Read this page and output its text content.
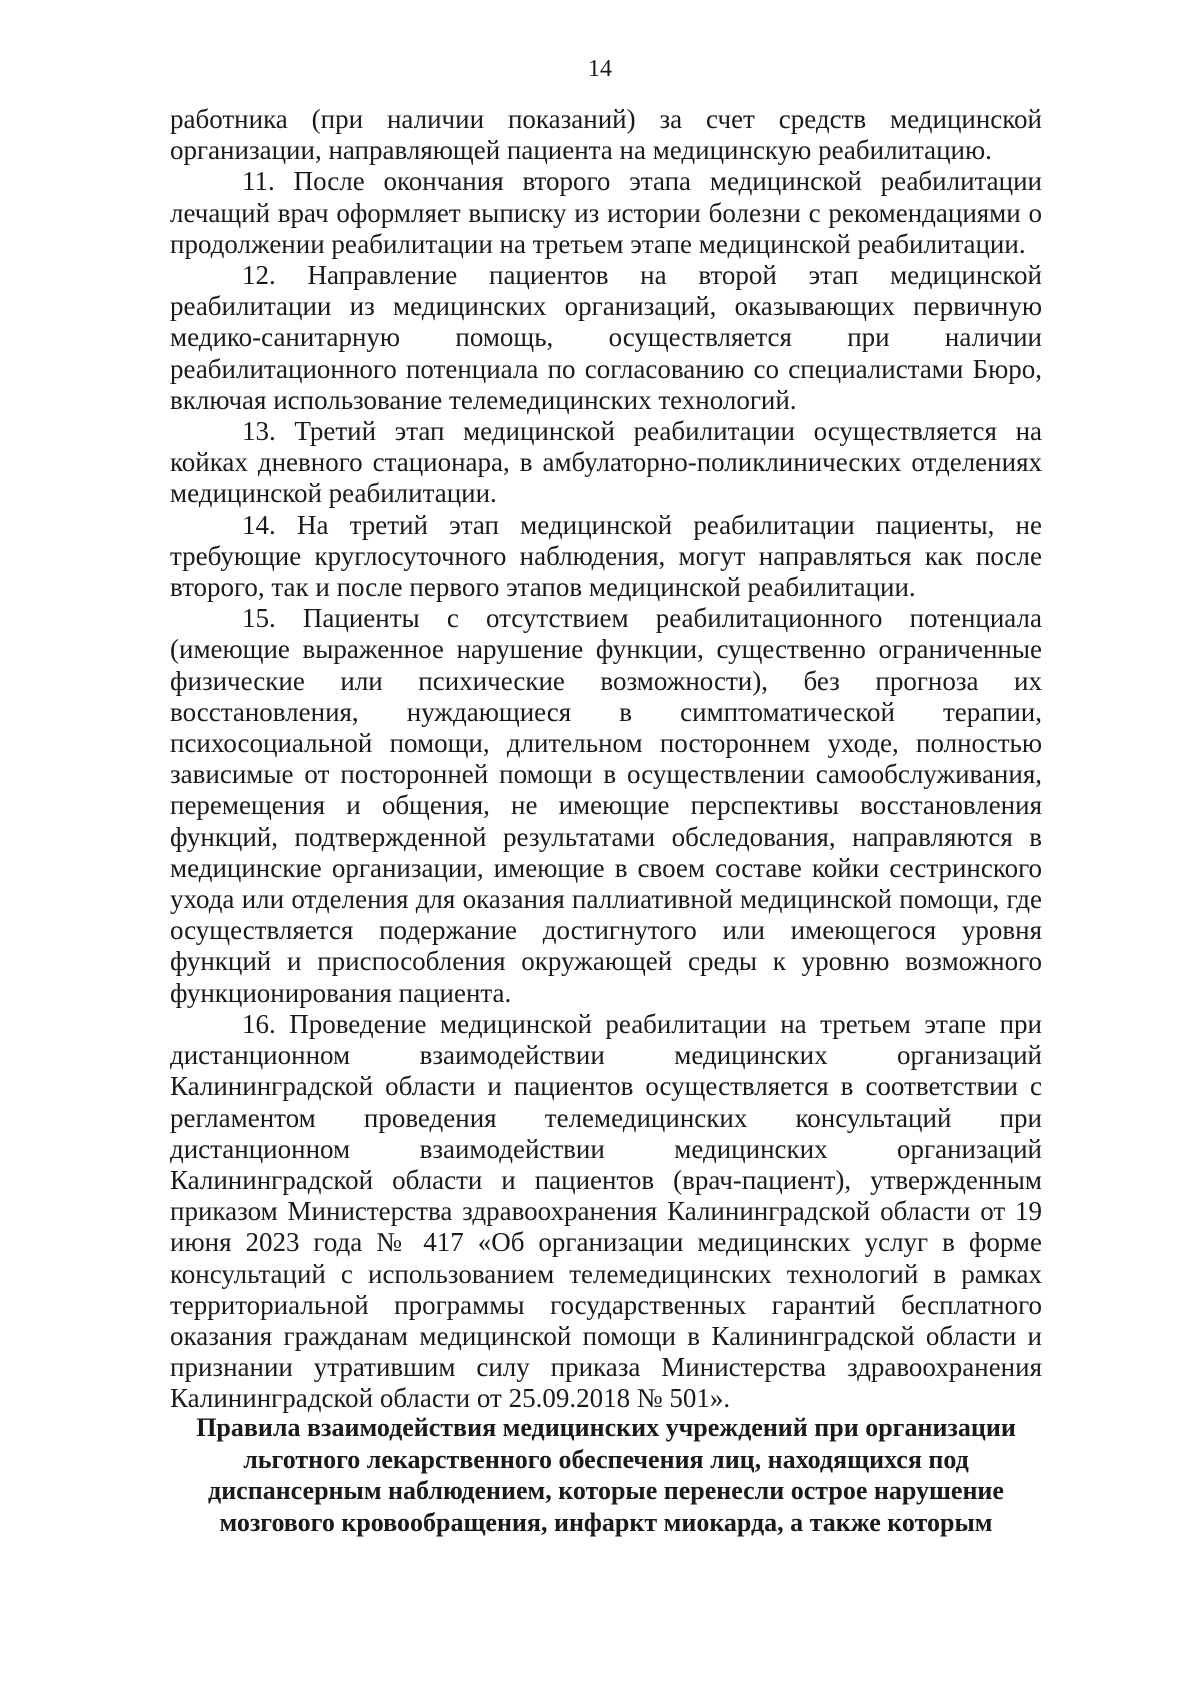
14

работника (при наличии показаний) за счет средств медицинской организации, направляющей пациента на медицинскую реабилитацию.

11. После окончания второго этапа медицинской реабилитации лечащий врач оформляет выписку из истории болезни с рекомендациями о продолжении реабилитации на третьем этапе медицинской реабилитации.

12. Направление пациентов на второй этап медицинской реабилитации из медицинских организаций, оказывающих первичную медико-санитарную помощь, осуществляется при наличии реабилитационного потенциала по согласованию со специалистами Бюро, включая использование телемедицинских технологий.

13. Третий этап медицинской реабилитации осуществляется на койках дневного стационара, в амбулаторно-поликлинических отделениях медицинской реабилитации.

14. На третий этап медицинской реабилитации пациенты, не требующие круглосуточного наблюдения, могут направляться как после второго, так и после первого этапов медицинской реабилитации.

15. Пациенты с отсутствием реабилитационного потенциала (имеющие выраженное нарушение функции, существенно ограниченные физические или психические возможности), без прогноза их восстановления, нуждающиеся в симптоматической терапии, психосоциальной помощи, длительном постороннем уходе, полностью зависимые от посторонней помощи в осуществлении самообслуживания, перемещения и общения, не имеющие перспективы восстановления функций, подтвержденной результатами обследования, направляются в медицинские организации, имеющие в своем составе койки сестринского ухода или отделения для оказания паллиативной медицинской помощи, где осуществляется подержание достигнутого или имеющегося уровня функций и приспособления окружающей среды к уровню возможного функционирования пациента.

16. Проведение медицинской реабилитации на третьем этапе при дистанционном взаимодействии медицинских организаций Калининградской области и пациентов осуществляется в соответствии с регламентом проведения телемедицинских консультаций при дистанционном взаимодействии медицинских организаций Калининградской области и пациентов (врач-пациент), утвержденным приказом Министерства здравоохранения Калининградской области от 19 июня 2023 года № 417 «Об организации медицинских услуг в форме консультаций с использованием телемедицинских технологий в рамках территориальной программы государственных гарантий бесплатного оказания гражданам медицинской помощи в Калининградской области и признании утратившим силу приказа Министерства здравоохранения Калининградской области от 25.09.2018 № 501».

Правила взаимодействия медицинских учреждений при организации льготного лекарственного обеспечения лиц, находящихся под диспансерным наблюдением, которые перенесли острое нарушение мозгового кровообращения, инфаркт миокарда, а также которым
